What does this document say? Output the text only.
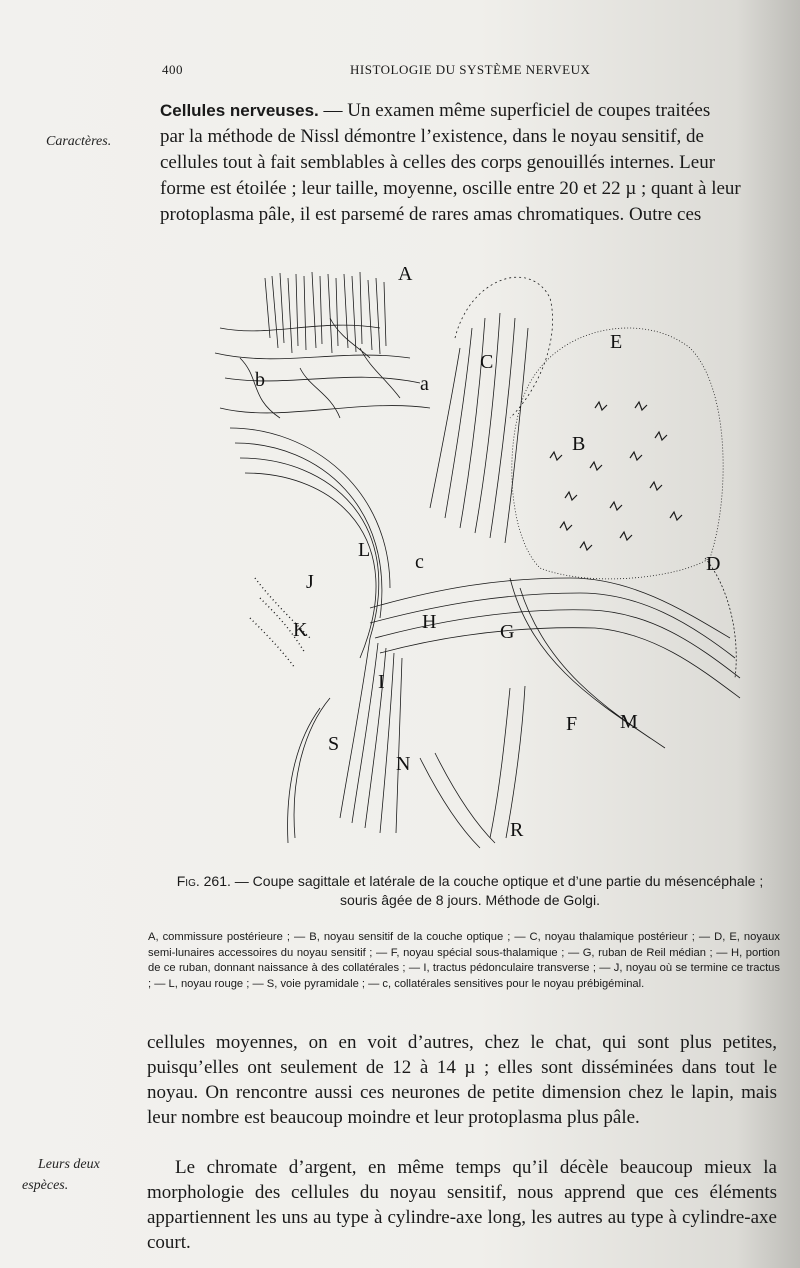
400	HISTOLOGIE DU SYSTÈME NERVEUX
Caractères.
Cellules nerveuses. — Un examen même superficiel de coupes traitées
par la méthode de Nissl démontre l’existence, dans le noyau sensitif, de
cellules tout à fait semblables à celles des corps genouillés internes. Leur
forme est étoilée ; leur taille, moyenne, oscille entre 20 et 22 µ ; quant à leur
protoplasma pâle, il est parsemé de rares amas chromatiques. Outre ces
A
a
b
C
E
B
D
L
c
J
K	H	G
I
S
N
F M
R
Fig. 261. — Coupe sagittale et latérale de la couche optique et d’une partie du mésencéphale ; souris âgée de 8 jours. Méthode de Golgi.
A, commissure postérieure ; — B, noyau sensitif de la couche optique ; — C, noyau thalamique postérieur ; — D, E, noyaux semi-lunaires accessoires du noyau sensitif ; — F, noyau spécial sous-thalamique ; — G, ruban de Reil médian ; — H, portion de ce ruban, donnant naissance à des collatérales ; — I, tractus pédonculaire transverse ; — J, noyau où se termine ce tractus ; — L, noyau rouge ; — S, voie pyramidale ; — c, collatérales sensitives pour le noyau prébigéminal.
cellules moyennes, on en voit d’autres, chez le chat, qui sont plus petites, puisqu’elles ont seulement de 12 à 14 µ ; elles sont disséminées dans tout le noyau. On rencontre aussi ces neurones de petite dimension chez le lapin, mais leur nombre est beaucoup moindre et leur protoplasma plus pâle.
Leurs deux
espèces.
Le chromate d’argent, en même temps qu’il décèle beaucoup mieux la morphologie des cellules du noyau sensitif, nous apprend que ces éléments appartiennent les uns au type à cylindre-axe long, les autres au type à cylindre-axe court.
